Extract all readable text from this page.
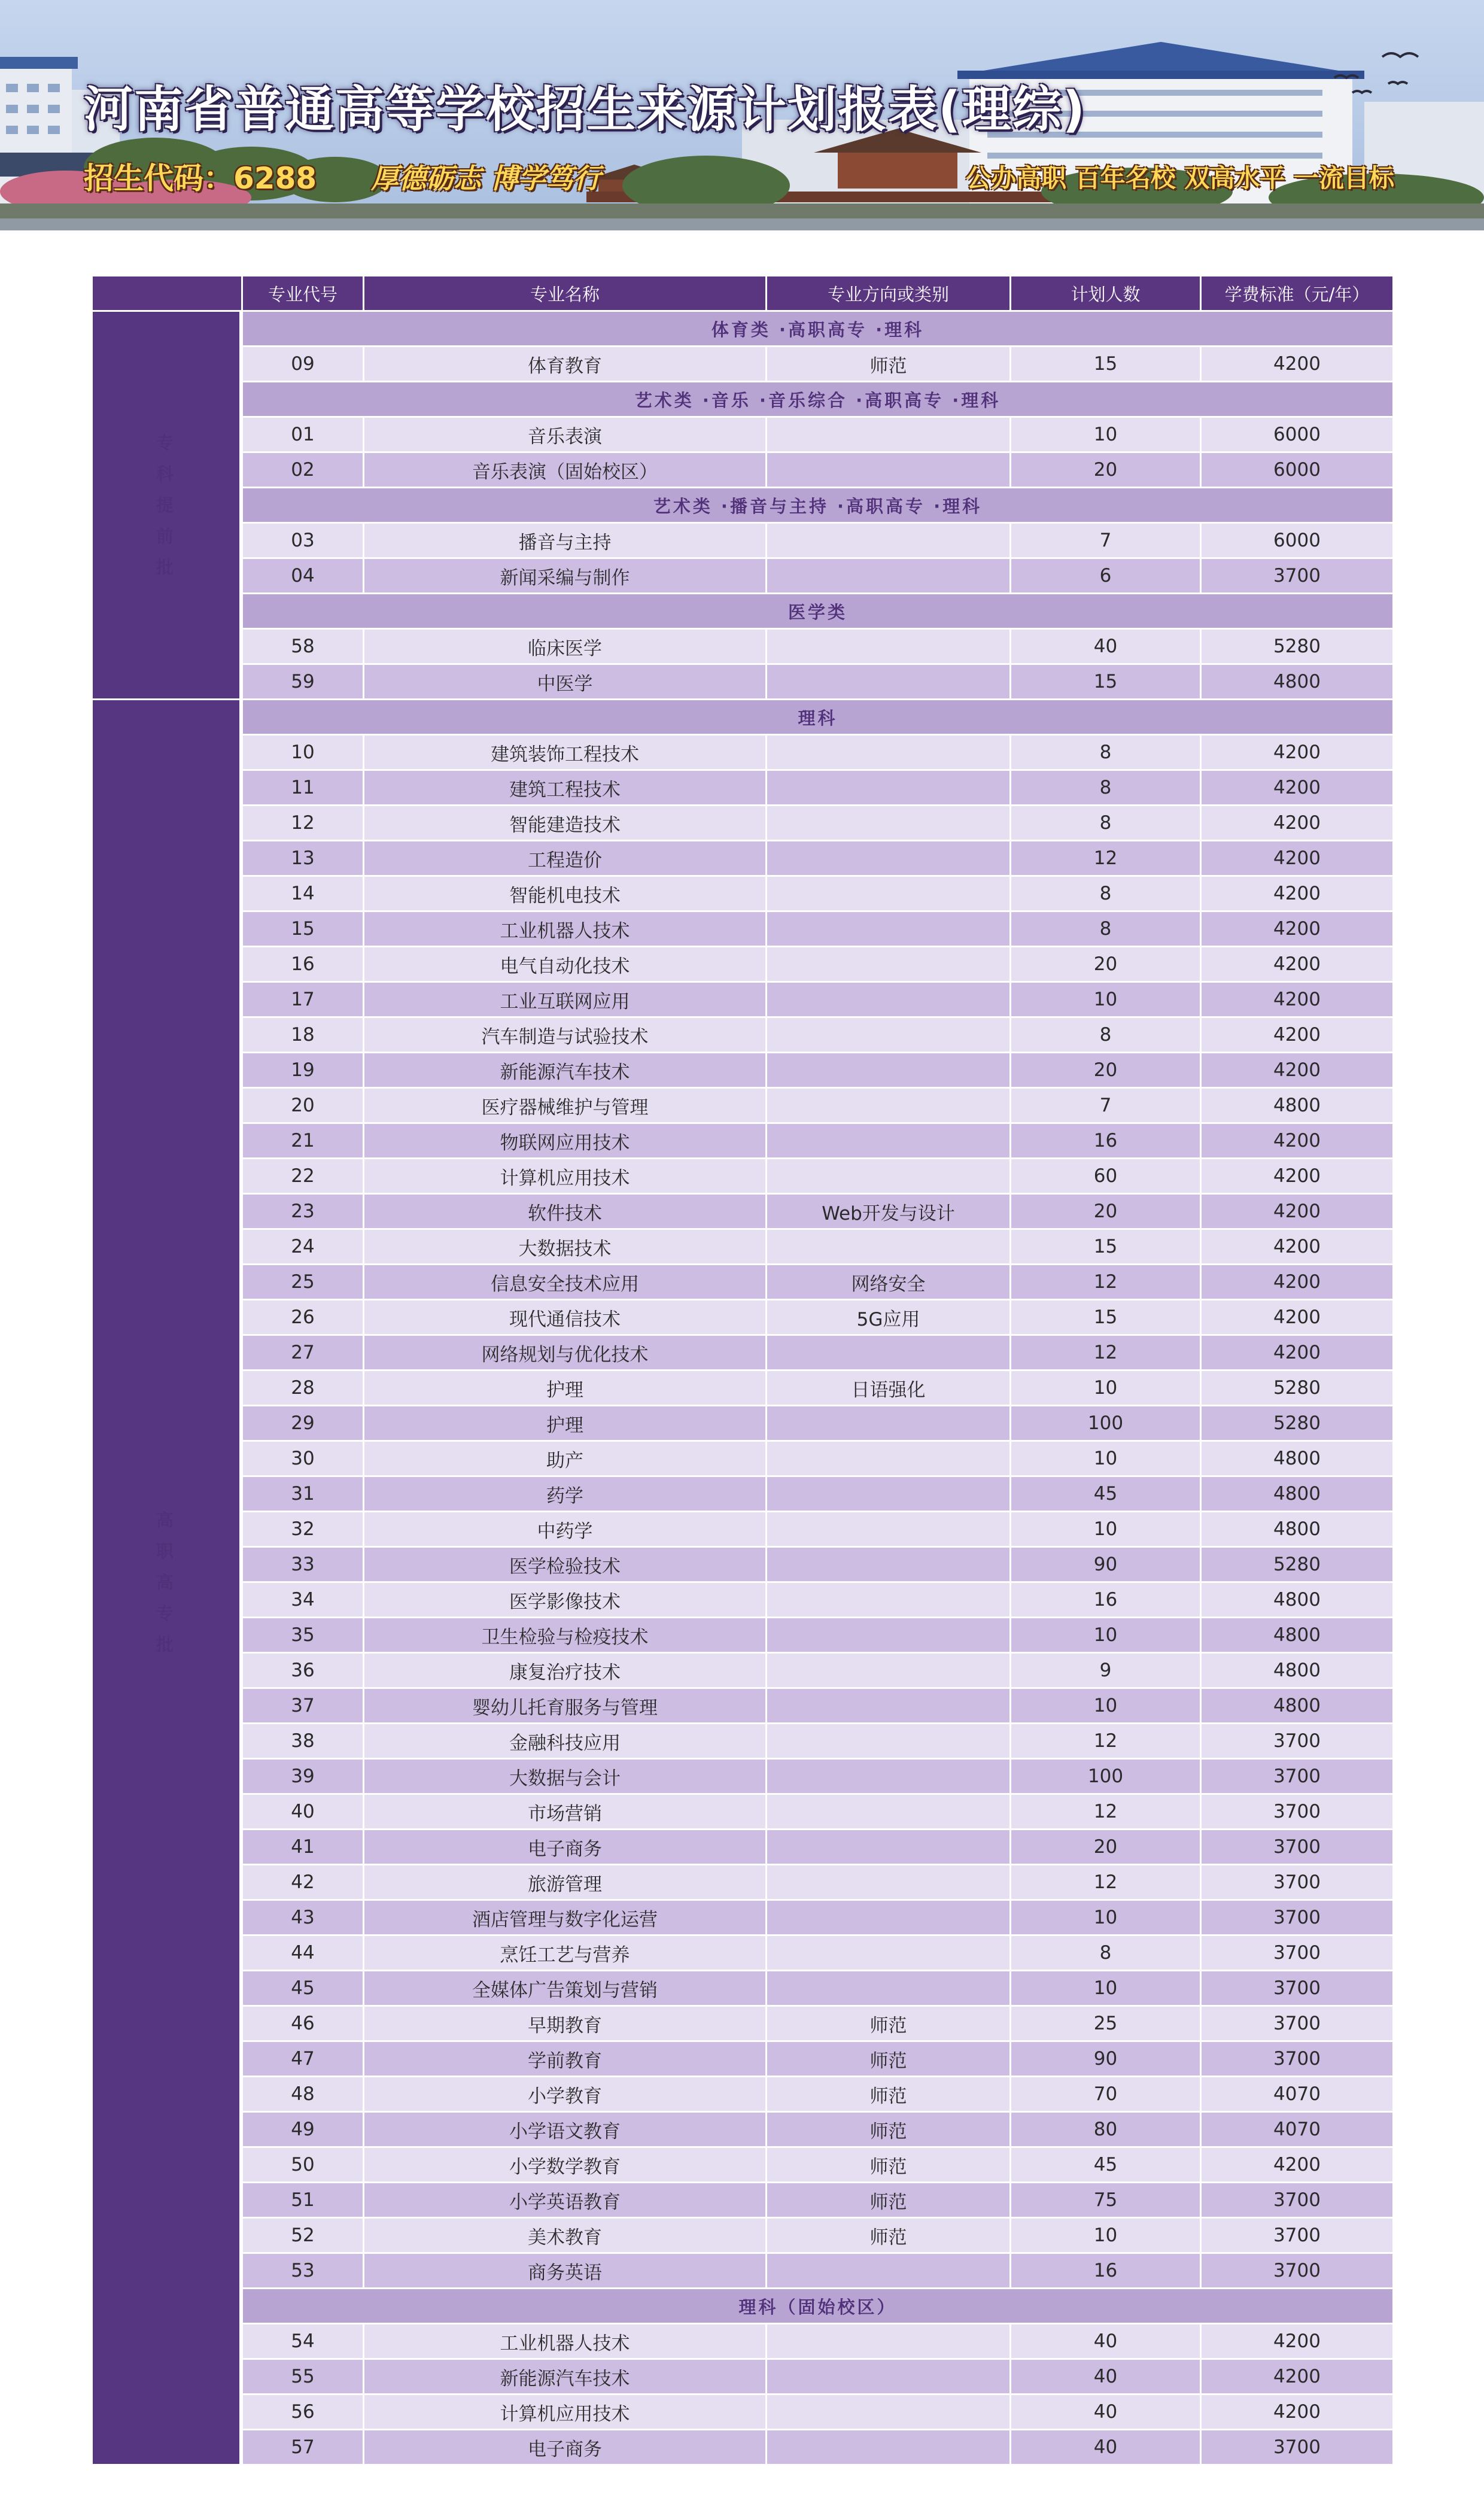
河南省普通高等学校招生来源计划报表(理综)
招生代码：6288 厚德砺志 博学笃行	公办高职 百年名校 双高水平 一流目标
	专业代号	专业名称	专业方向或类别	计划人数	学费标准（元/年）
专科提前批	体育类 ·高职高专 ·理科				
	09	体育教育	师范	15	4200
	艺术类 ·音乐 ·音乐综合 ·高职高专 ·理科				
	01	音乐表演		10	6000
	02	音乐表演（固始校区）		20	6000
	艺术类 ·播音与主持 ·高职高专 ·理科				
	03	播音与主持		7	6000
	04	新闻采编与制作		6	3700
	医学类				
	58	临床医学		40	5280
	59	中医学		15	4800
高职高专批	理科				
	10	建筑装饰工程技术		8	4200
	11	建筑工程技术		8	4200
	12	智能建造技术		8	4200
	13	工程造价		12	4200
	14	智能机电技术		8	4200
	15	工业机器人技术		8	4200
	16	电气自动化技术		20	4200
	17	工业互联网应用		10	4200
	18	汽车制造与试验技术		8	4200
	19	新能源汽车技术		20	4200
	20	医疗器械维护与管理		7	4800
	21	物联网应用技术		16	4200
	22	计算机应用技术		60	4200
	23	软件技术	Web开发与设计	20	4200
	24	大数据技术		15	4200
	25	信息安全技术应用	网络安全	12	4200
	26	现代通信技术	5G应用	15	4200
	27	网络规划与优化技术		12	4200
	28	护理	日语强化	10	5280
	29	护理		100	5280
	30	助产		10	4800
	31	药学		45	4800
	32	中药学		10	4800
	33	医学检验技术		90	5280
	34	医学影像技术		16	4800
	35	卫生检验与检疫技术		10	4800
	36	康复治疗技术		9	4800
	37	婴幼儿托育服务与管理		10	4800
	38	金融科技应用		12	3700
	39	大数据与会计		100	3700
	40	市场营销		12	3700
	41	电子商务		20	3700
	42	旅游管理		12	3700
	43	酒店管理与数字化运营		10	3700
	44	烹饪工艺与营养		8	3700
	45	全媒体广告策划与营销		10	3700
	46	早期教育	师范	25	3700
	47	学前教育	师范	90	3700
	48	小学教育	师范	70	4070
	49	小学语文教育	师范	80	4070
	50	小学数学教育	师范	45	4200
	51	小学英语教育	师范	75	3700
	52	美术教育	师范	10	3700
	53	商务英语		16	3700
	理科（固始校区）				
	54	工业机器人技术		40	4200
	55	新能源汽车技术		40	4200
	56	计算机应用技术		40	4200
	57	电子商务		40	3700
